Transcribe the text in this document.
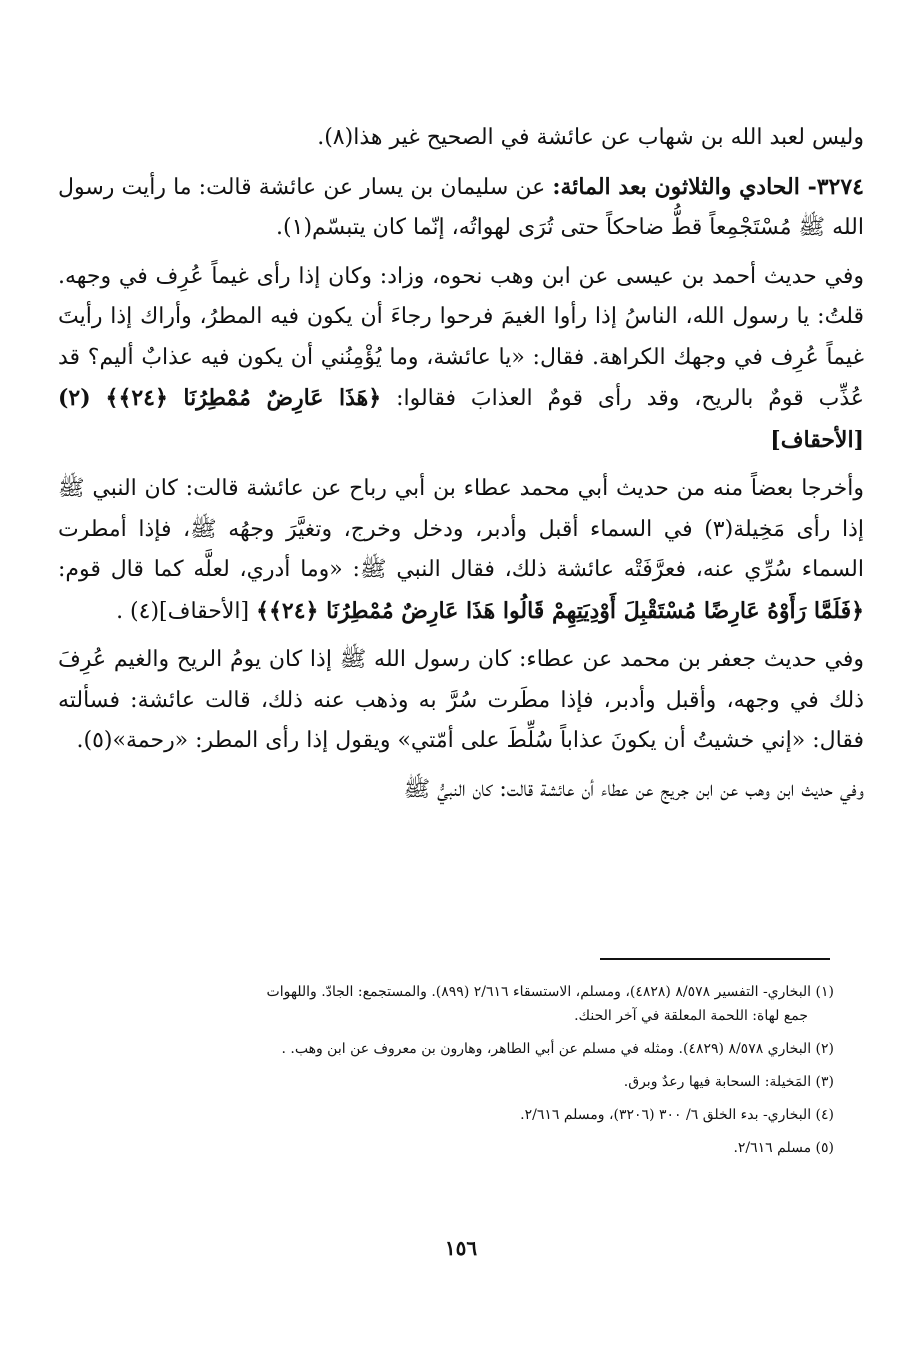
وليس لعبد الله بن شهاب عن عائشة في الصحيح غير هذا(٨).

٣٢٧٤- الحادي والثلاثون بعد المائة: عن سليمان بن يسار عن عائشة قالت: ما رأيت رسول الله ﷺ مُسْتَجْمِعاً قطُّ ضاحكاً حتى تُرَى لهواتُه، إنّما كان يتبسّم(١).

وفي حديث أحمد بن عيسى عن ابن وهب نحوه، وزاد: وكان إذا رأى غيماً عُرِف في وجهه. قلتُ: يا رسول الله، الناسُ إذا رأوا الغيمَ فرحوا رجاءَ أن يكون فيه المطرُ، وأراك إذا رأيتَ غيماً عُرِف في وجهك الكراهة. فقال: «يا عائشة، وما يُؤْمِنُني أن يكون فيه عذابٌ أليم؟ قد عُذِّب قومٌ بالريح، وقد رأى قومٌ العذابَ فقالوا: ﴿هَذَا عَارِضٌ مُمْطِرُنَا ﴿٢٤﴾﴾ (٢) [الأحقاف]

وأخرجا بعضاً منه من حديث أبي محمد عطاء بن أبي رباح عن عائشة قالت: كان النبي ﷺ إذا رأى مَخِيلة(٣) في السماء أقبل وأدبر، ودخل وخرج، وتغيَّرَ وجهُه ﷺ، فإذا أمطرت السماء سُرِّي عنه، فعرَّفَتْه عائشة ذلك، فقال النبي ﷺ: «وما أدري، لعلَّه كما قال قوم: ﴿فَلَمَّا رَأَوْهُ عَارِضًا مُسْتَقْبِلَ أَوْدِيَتِهِمْ قَالُوا هَذَا عَارِضٌ مُمْطِرُنَا ﴿٢٤﴾﴾ [الأحقاف](٤) .

وفي حديث جعفر بن محمد عن عطاء: كان رسول الله ﷺ إذا كان يومُ الريح والغيم عُرِفَ ذلك في وجهه، وأقبل وأدبر، فإذا مطَرت سُرَّ به وذهب عنه ذلك، قالت عائشة: فسألته فقال: «إني خشيتُ أن يكونَ عذاباً سُلِّطَ على أمّتي» ويقول إذا رأى المطر: «رحمة»(٥).

وفي حديث ابن وهب عن ابن جريج عن عطاء أن عائشة قالت: كان النبيُّ ﷺ

(١) البخاري- التفسير ٨/٥٧٨ (٤٨٢٨)، ومسلم، الاستسقاء ٢/٦١٦ (٨٩٩). والمستجمع: الجادّ. واللهوات

جمع لهاة: اللحمة المعلقة في آخر الحنك.

(٢) البخاري ٨/٥٧٨ (٤٨٢٩). ومثله في مسلم عن أبي الطاهر، وهارون بن معروف عن ابن وهب. .

(٣) المَخيلة: السحابة فيها رعدٌ وبرق.

(٤) البخاري- بدء الخلق ٦/ ٣٠٠ (٣٢٠٦)، ومسلم ٢/٦١٦.

(٥) مسلم ٢/٦١٦.

١٥٦
